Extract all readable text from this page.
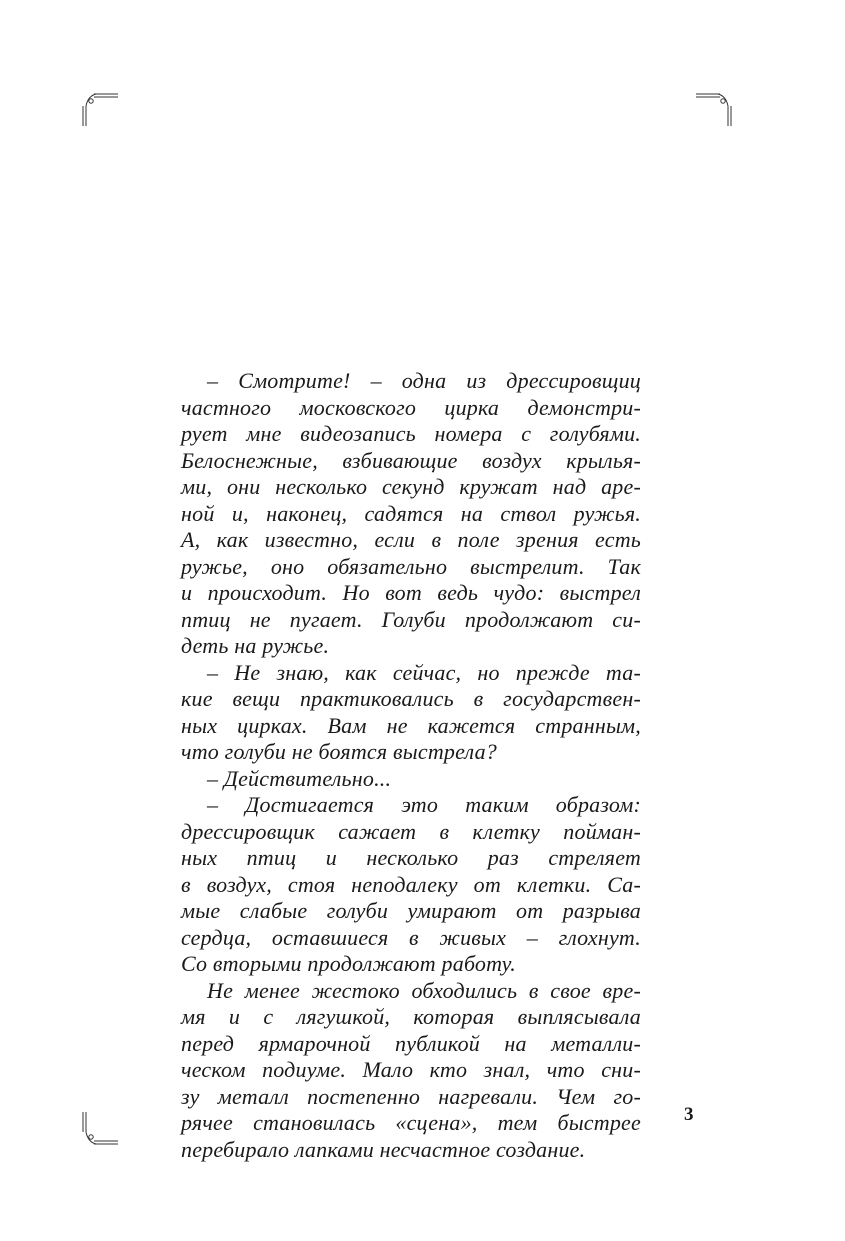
– Смотрите! – одна из дрессировщиц
частного московского цирка демонстри-
рует мне видеозапись номера с голубями.
Белоснежные, взбивающие воздух крылья-
ми, они несколько секунд кружат над аре-
ной и, наконец, садятся на ствол ружья.
А, как известно, если в поле зрения есть
ружье, оно обязательно выстрелит. Так
и происходит. Но вот ведь чудо: выстрел
птиц не пугает. Голуби продолжают си-
деть на ружье.
– Не знаю, как сейчас, но прежде та-
кие вещи практиковались в государствен-
ных цирках. Вам не кажется странным,
что голуби не боятся выстрела?
– Действительно...
– Достигается это таким образом:
дрессировщик сажает в клетку пойман-
ных птиц и несколько раз стреляет
в воздух, стоя неподалеку от клетки. Са-
мые слабые голуби умирают от разрыва
сердца, оставшиеся в живых – глохнут.
Со вторыми продолжают работу.
Не менее жестоко обходились в свое вре-
мя и с лягушкой, которая выплясывала
перед ярмарочной публикой на металли-
ческом подиуме. Мало кто знал, что сни-
зу металл постепенно нагревали. Чем го-
рячее становилась «сцена», тем быстрее
перебирало лапками несчастное создание.
3
